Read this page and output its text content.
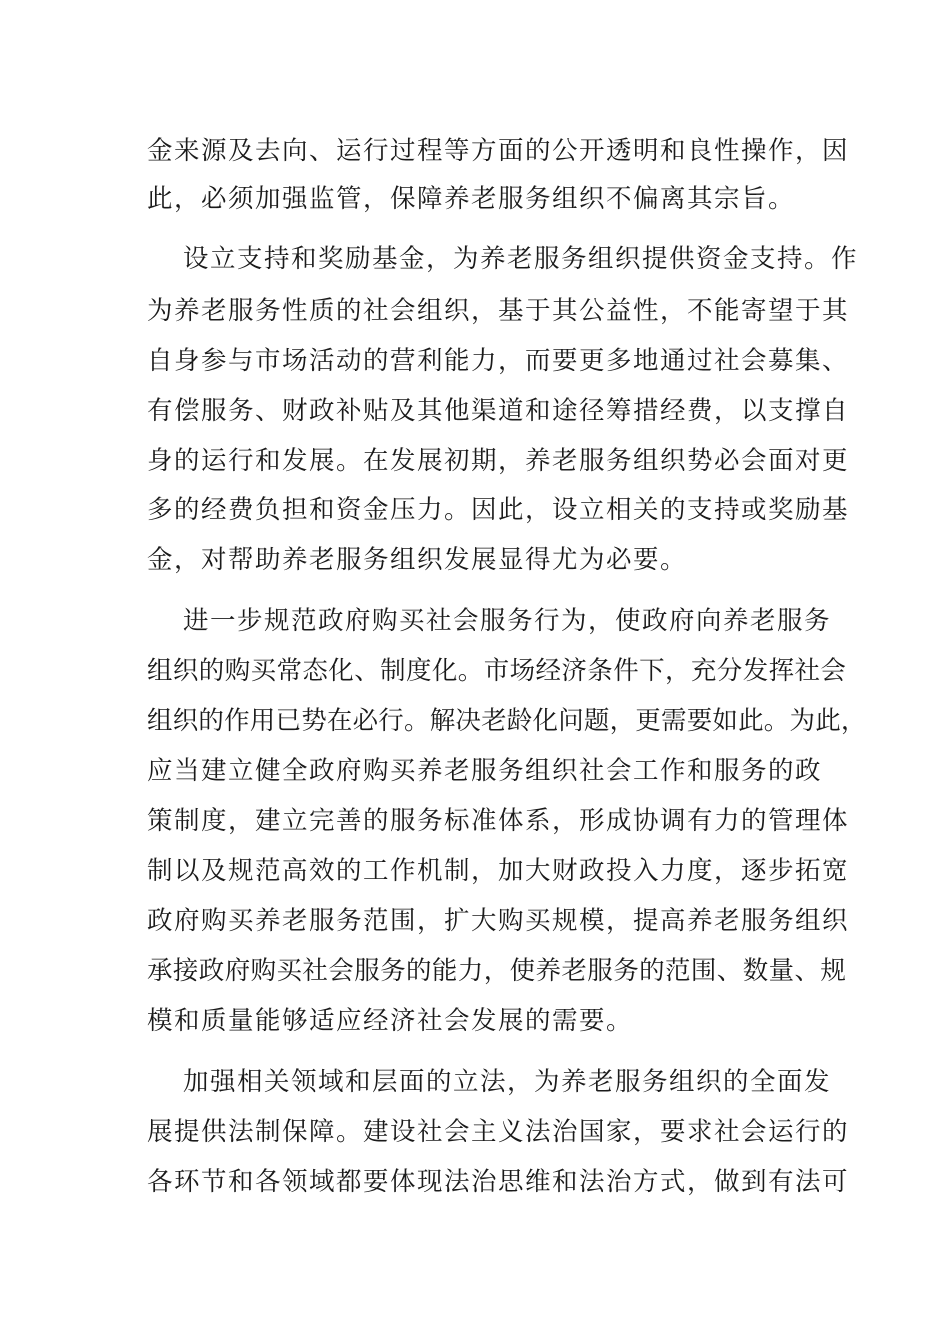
金来源及去向、运行过程等方面的公开透明和良性操作，因
此，必须加强监管，保障养老服务组织不偏离其宗旨。
设立支持和奖励基金，为养老服务组织提供资金支持。作
为养老服务性质的社会组织，基于其公益性，不能寄望于其
自身参与市场活动的营利能力，而要更多地通过社会募集、
有偿服务、财政补贴及其他渠道和途径筹措经费，以支撑自
身的运行和发展。在发展初期，养老服务组织势必会面对更
多的经费负担和资金压力。因此，设立相关的支持或奖励基
金，对帮助养老服务组织发展显得尤为必要。
进一步规范政府购买社会服务行为，使政府向养老服务
组织的购买常态化、制度化。市场经济条件下，充分发挥社会
组织的作用已势在必行。解决老龄化问题，更需要如此。为此，
应当建立健全政府购买养老服务组织社会工作和服务的政
策制度，建立完善的服务标准体系，形成协调有力的管理体
制以及规范高效的工作机制，加大财政投入力度，逐步拓宽
政府购买养老服务范围，扩大购买规模，提高养老服务组织
承接政府购买社会服务的能力，使养老服务的范围、数量、规
模和质量能够适应经济社会发展的需要。
加强相关领域和层面的立法，为养老服务组织的全面发
展提供法制保障。建设社会主义法治国家，要求社会运行的
各环节和各领域都要体现法治思维和法治方式，做到有法可
